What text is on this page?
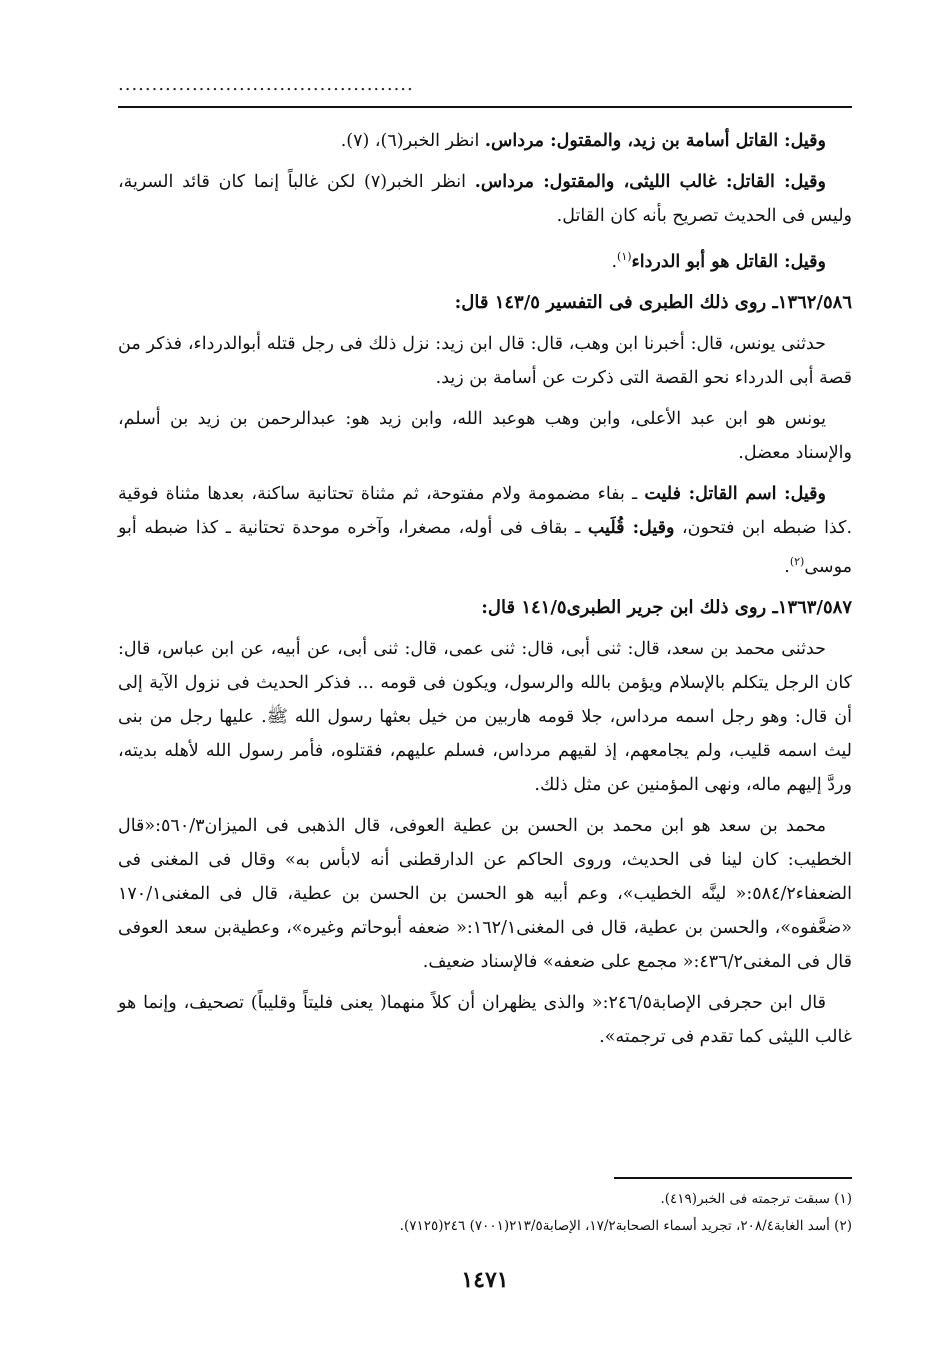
............................................

وقيل: القاتل أسامة بن زيد، والمقتول: مرداس. انظر الخبر(٦)، (٧).

وقيل: القاتل: غالب الليثى، والمقتول: مرداس. انظر الخبر(٧) لكن غالباً إنما كان قائد السرية، وليس فى الحديث تصريح بأنه كان القاتل.

وقيل: القاتل هو أبو الدرداء$^{(١)}$.

١٣٦٢/٥٨٦ـ روى ذلك الطبرى فى التفسير ١٤٣/٥ قال:

حدثنى يونس، قال: أخبرنا ابن وهب، قال: قال ابن زيد: نزل ذلك فى رجل قتله أبوالدرداء، فذكر من قصة أبى الدرداء نحو القصة التى ذكرت عن أسامة بن زيد.

يونس هو ابن عبد الأعلى، وابن وهب هوعبد الله، وابن زيد هو: عبدالرحمن بن زيد بن أسلم، والإسناد معضل.

وقيل: اسم القاتل: فليت ـ بفاء مضمومة ولام مفتوحة، ثم مثناة تحتانية ساكنة، بعدها مثناة فوقية .كذا ضبطه ابن فتحون، وقيل: قُلَيب ـ بقاف فى أوله، مصغرا، وآخره موحدة تحتانية ـ كذا ضبطه أبو موسى$^{(٢)}$.

١٣٦٣/٥٨٧ـ روى ذلك ابن جرير الطبرى١٤١/٥ قال:

حدثنى محمد بن سعد، قال: ثنى أبى، قال: ثنى عمى، قال: ثنى أبى، عن أبيه، عن ابن عباس، قال: كان الرجل يتكلم بالإسلام ويؤمن بالله والرسول، ويكون فى قومه ... فذكر الحديث فى نزول الآية إلى أن قال: وهو رجل اسمه مرداس، جلا قومه هاربين من خيل بعثها رسول الله ﷺ. عليها رجل من بنى ليث اسمه قليب، ولم يجامعهم، إذ لقيهم مرداس، فسلم عليهم، فقتلوه، فأمر رسول الله لأهله بديته، وردَّ إليهم ماله، ونهى المؤمنين عن مثل ذلك.

محمد بن سعد هو ابن محمد بن الحسن بن عطية العوفى، قال الذهبى فى الميزان٥٦٠/٣:«قال الخطيب: كان لينا فى الحديث، وروى الحاكم عن الدارقطنى أنه لابأس به» وقال فى المغنى فى الضعفاء٥٨٤/٢:« لينَّه الخطيب»، وعم أبيه هو الحسن بن الحسن بن عطية، قال فى المغنى١٧٠/١ «ضعَّفوه»، والحسن بن عطية، قال فى المغنى١٦٢/١:« ضعفه أبوحاتم وغيره»، وعطيةبن سعد العوفى قال فى المغنى٤٣٦/٢:« مجمع على ضعفه» فالإسناد ضعيف.

قال ابن حجرفى الإصابة٢٤٦/٥:« والذى يظهران أن كلاً منهما( يعنى فليتاً وقليباً) تصحيف، وإنما هو غالب الليثى كما تقدم فى ترجمته».

(١) سبقت ترجمته فى الخبر(٤١٩).
(٢) أسد الغابة٢٠٨/٤، تجريد أسماء الصحابة١٧/٢، الإصابة٢١٣/٥(٧٠٠١) ٢٤٦(٧١٢٥).
١٤٧١
